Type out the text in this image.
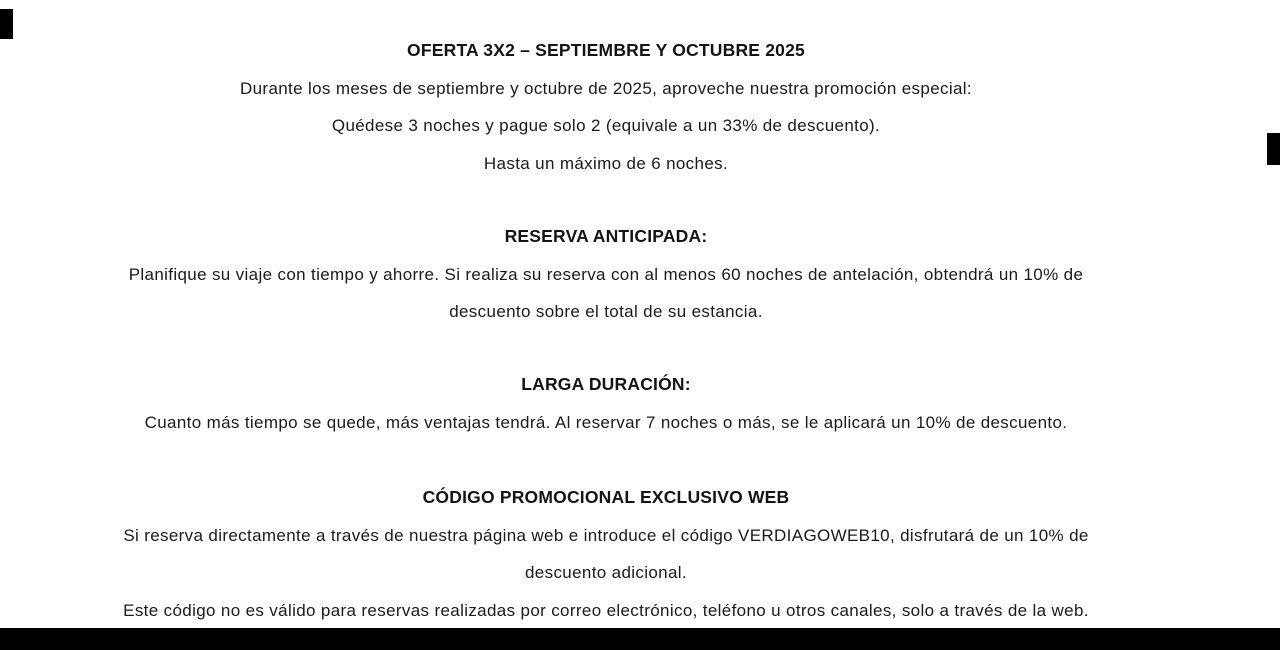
OFERTA 3X2 – SEPTIEMBRE Y OCTUBRE 2025
Durante los meses de septiembre y octubre de 2025, aproveche nuestra promoción especial:
Quédese 3 noches y pague solo 2 (equivale a un 33% de descuento).
Hasta un máximo de 6 noches.
RESERVA ANTICIPADA:
Planifique su viaje con tiempo y ahorre. Si realiza su reserva con al menos 60 noches de antelación, obtendrá un 10% de
descuento sobre el total de su estancia.
LARGA DURACIÓN:
Cuanto más tiempo se quede, más ventajas tendrá. Al reservar 7 noches o más, se le aplicará un 10% de descuento.
CÓDIGO PROMOCIONAL EXCLUSIVO WEB
Si reserva directamente a través de nuestra página web e introduce el código VERDIAGOWEB10, disfrutará de un 10% de
descuento adicional.
Este código no es válido para reservas realizadas por correo electrónico, teléfono u otros canales, solo a través de la web.
